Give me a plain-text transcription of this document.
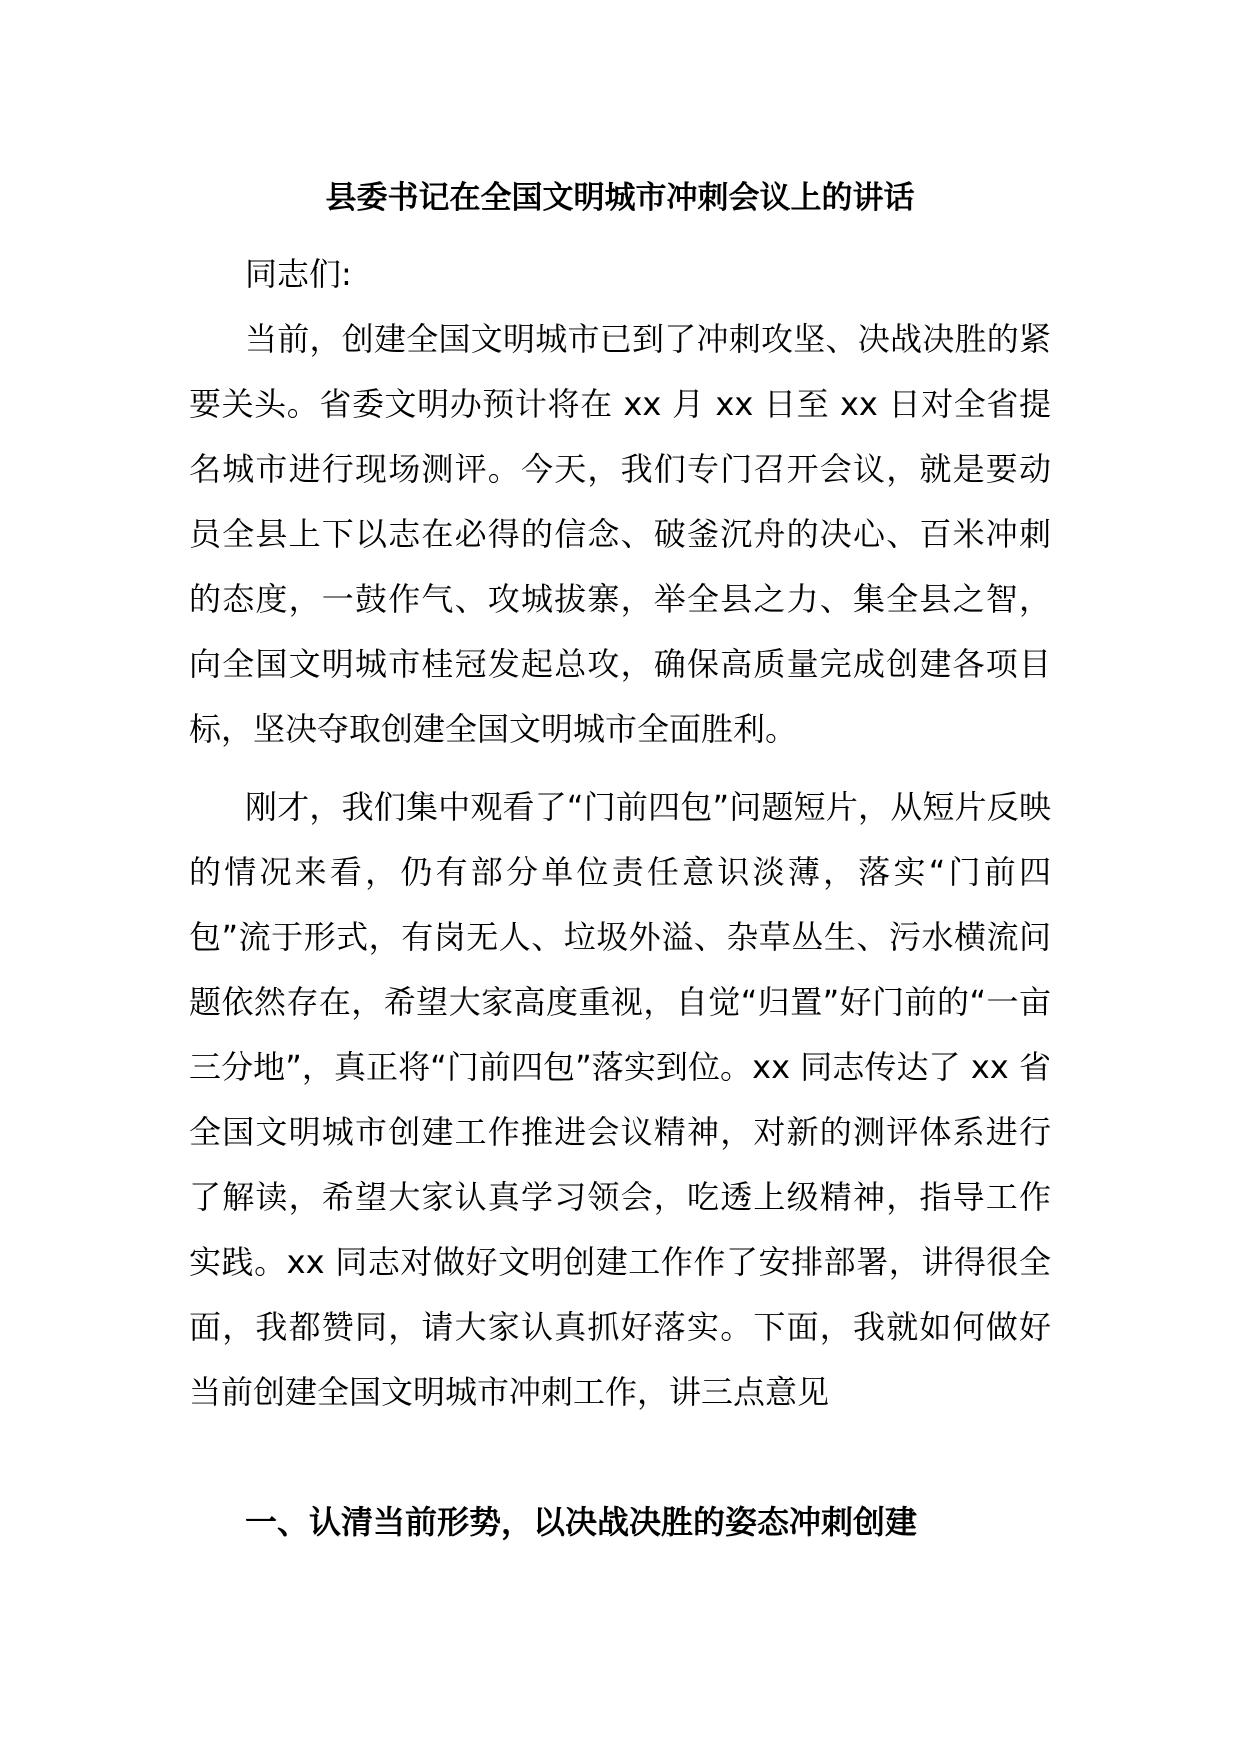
县委书记在全国文明城市冲刺会议上的讲话

同志们:

当前，创建全国文明城市已到了冲刺攻坚、决战决胜的紧要关头。省委文明办预计将在 xx 月 xx 日至 xx 日对全省提名城市进行现场测评。今天，我们专门召开会议，就是要动员全县上下以志在必得的信念、破釜沉舟的决心、百米冲刺的态度，一鼓作气、攻城拔寨，举全县之力、集全县之智，向全国文明城市桂冠发起总攻，确保高质量完成创建各项目标，坚决夺取创建全国文明城市全面胜利。

刚才，我们集中观看了“门前四包”问题短片，从短片反映的情况来看，仍有部分单位责任意识淡薄，落实“门前四包”流于形式，有岗无人、垃圾外溢、杂草丛生、污水横流问题依然存在，希望大家高度重视，自觉“归置”好门前的“一亩三分地”，真正将“门前四包”落实到位。xx 同志传达了 xx 省全国文明城市创建工作推进会议精神，对新的测评体系进行了解读，希望大家认真学习领会，吃透上级精神，指导工作实践。xx 同志对做好文明创建工作作了安排部署，讲得很全面，我都赞同，请大家认真抓好落实。下面，我就如何做好当前创建全国文明城市冲刺工作，讲三点意见

一、认清当前形势，以决战决胜的姿态冲刺创建
